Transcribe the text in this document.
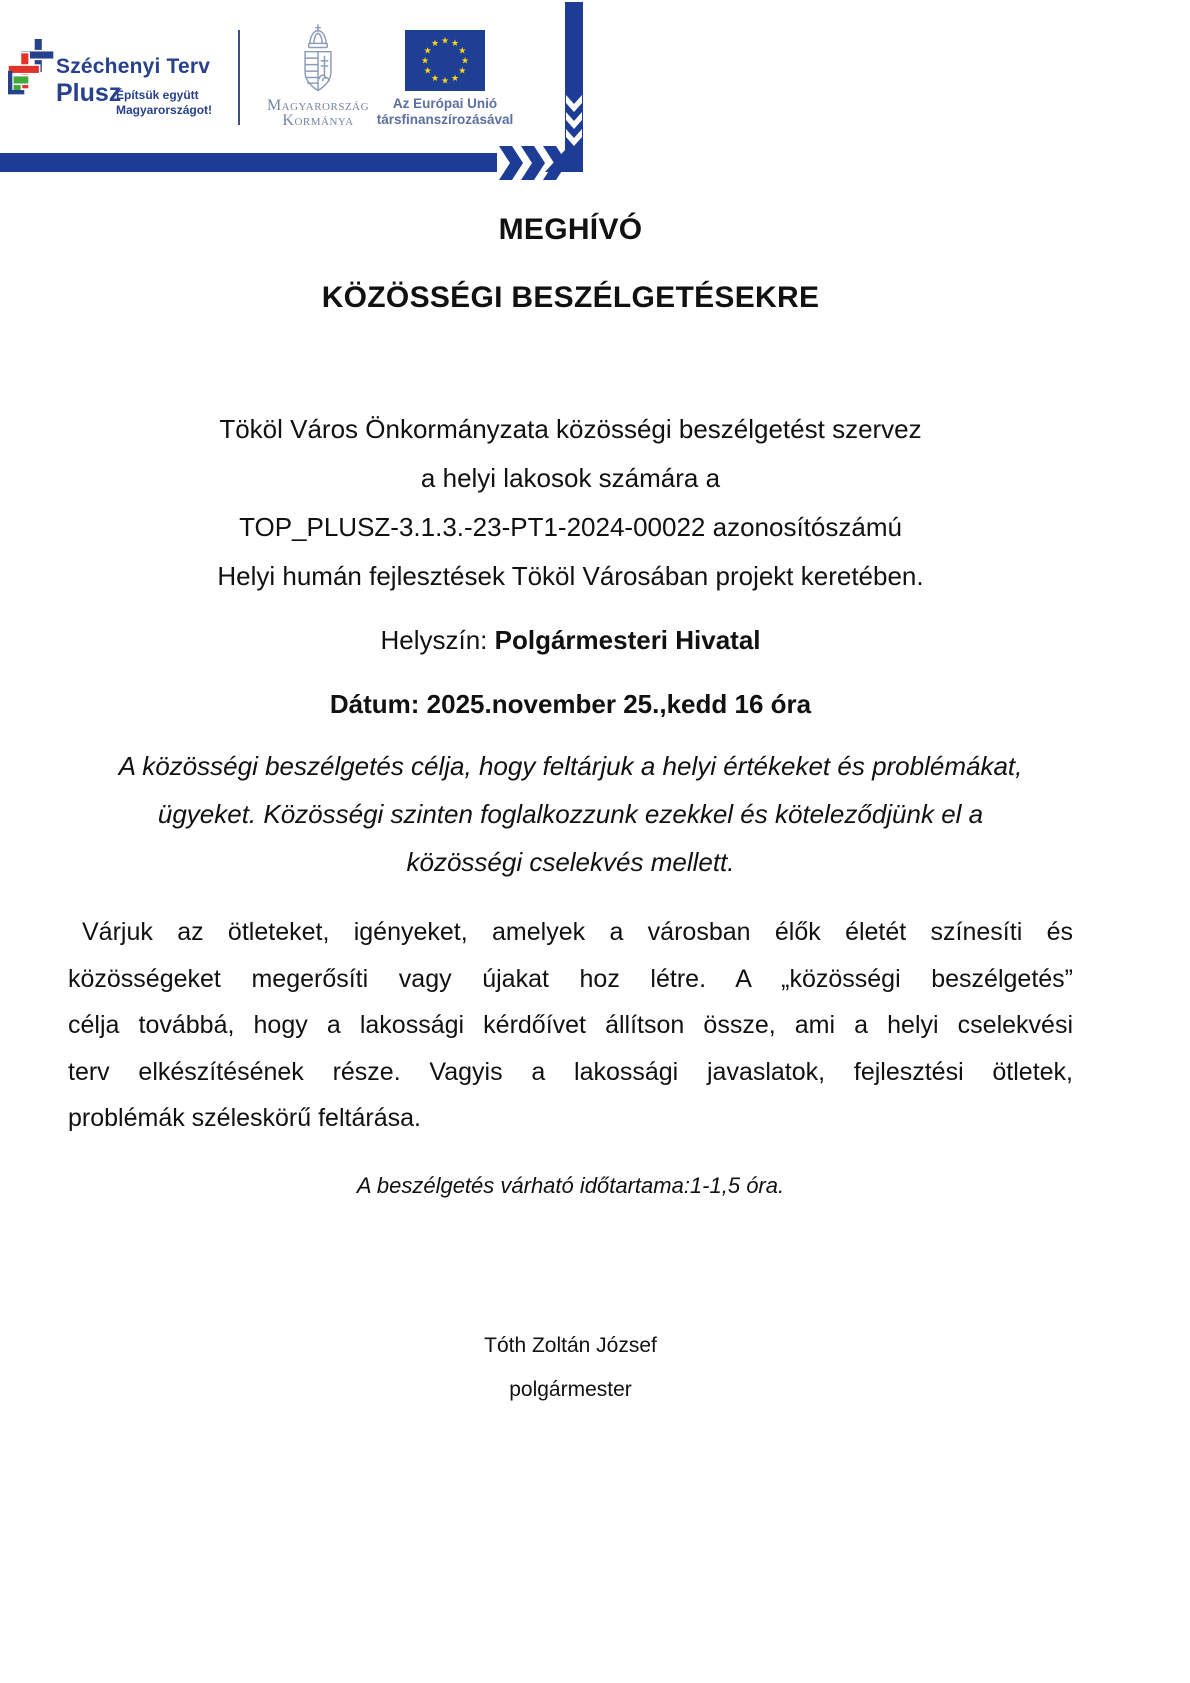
Széchenyi Terv
Plusz
Építsük együtt
Magyarországot!	Magyarország
Kormánya
★ ★
★
★
★
★
★
★
★
★
★
★
Az Európai Unió
társfinanszírozásával
MEGHÍVÓ
KÖZÖSSÉGI BESZÉLGETÉSEKRE
Tököl Város Önkormányzata közösségi beszélgetést szervez
a helyi lakosok számára a
TOP_PLUSZ-3.1.3.-23-PT1-2024-00022 azonosítószámú
Helyi humán fejlesztések Tököl Városában projekt keretében.
Helyszín: Polgármesteri Hivatal
Dátum: 2025.november 25.,kedd 16 óra
A közösségi beszélgetés célja, hogy feltárjuk a helyi értékeket és problémákat,
ügyeket. Közösségi szinten foglalkozzunk ezekkel és köteleződjünk el a
közösségi cselekvés mellett.
Várjuk az ötleteket, igényeket, amelyek a városban élők életét színesíti és
közösségeket megerősíti vagy újakat hoz létre. A „közösségi beszélgetés”
célja továbbá, hogy a lakossági kérdőívet állítson össze, ami a helyi cselekvési
terv elkészítésének része. Vagyis a lakossági javaslatok, fejlesztési ötletek,
problémák széleskörű feltárása.
A beszélgetés várható időtartama:1-1,5 óra.
Tóth Zoltán József
polgármester
